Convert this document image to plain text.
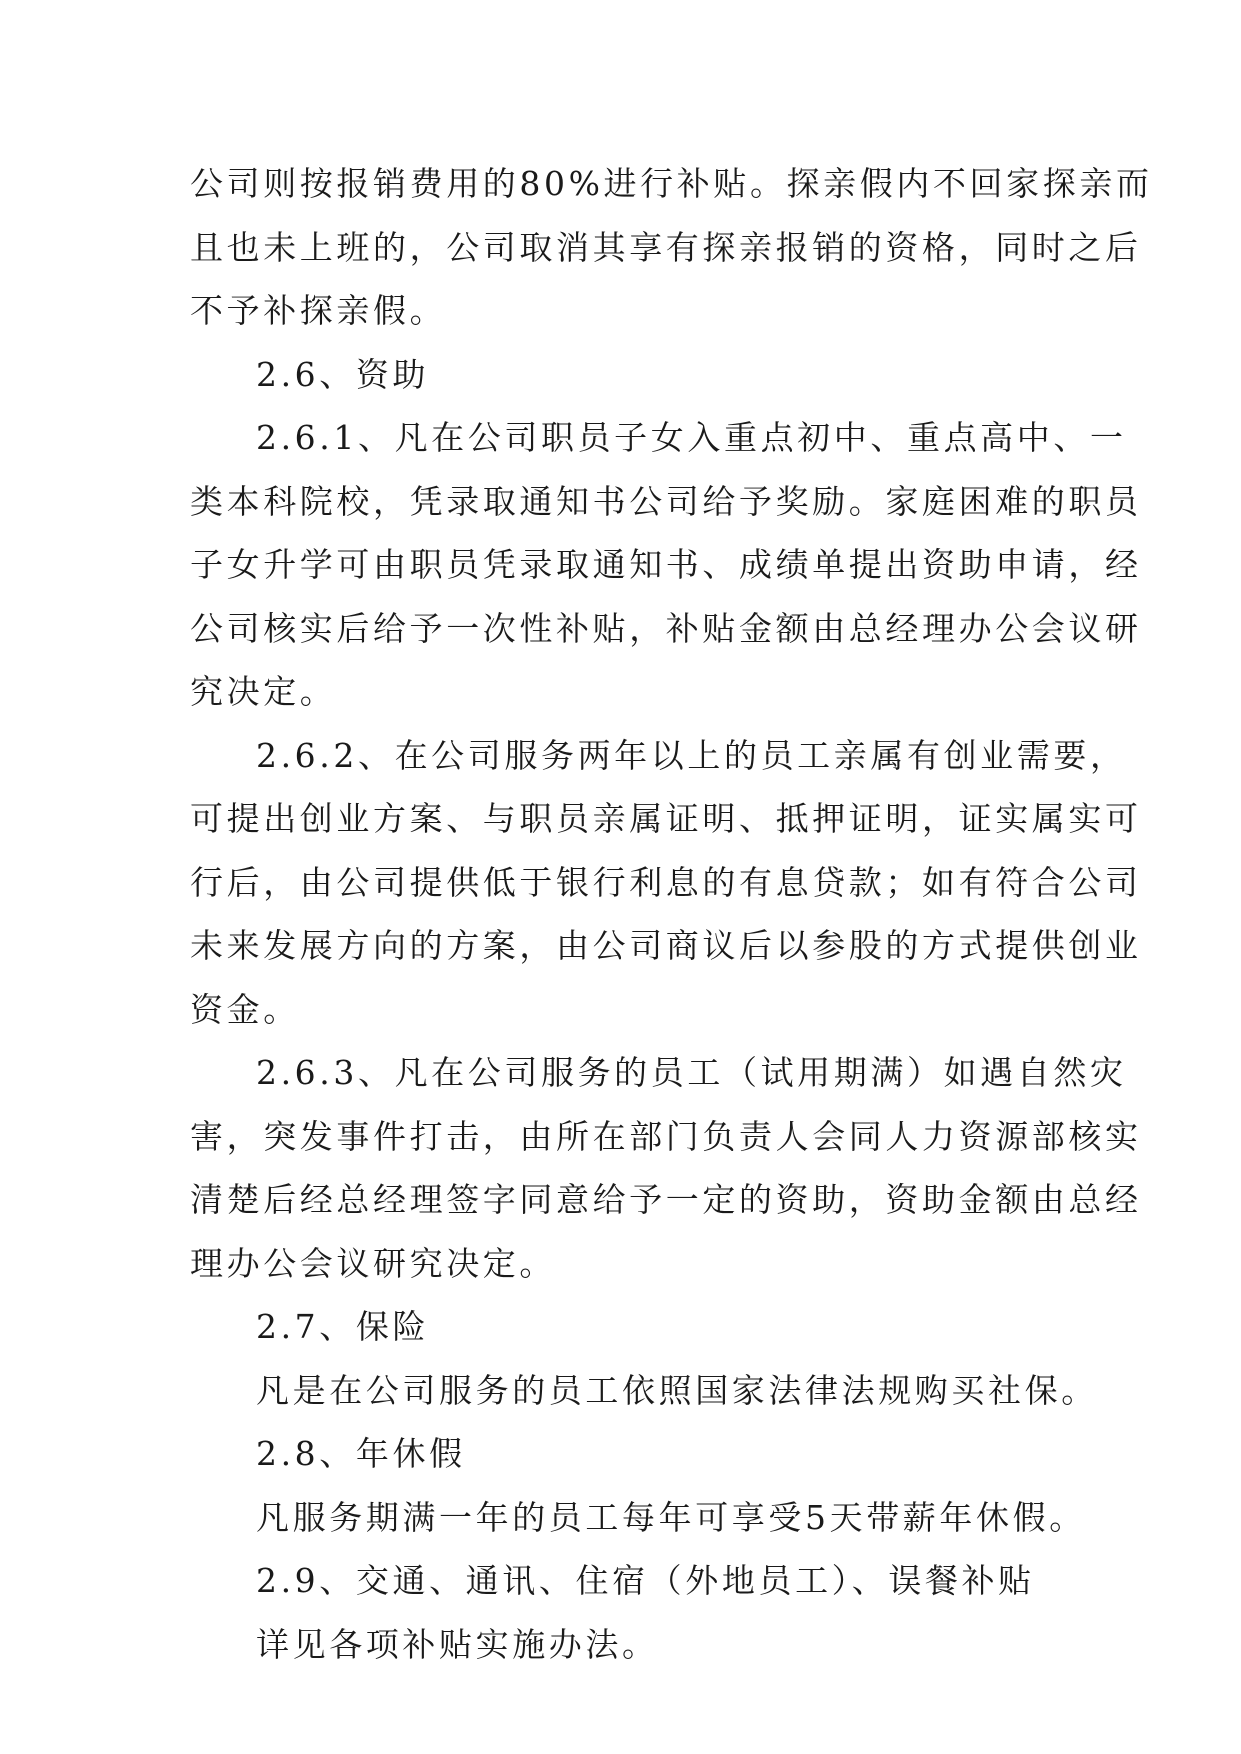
公司则按报销费用的80%进行补贴。探亲假内不回家探亲而
且也未上班的，公司取消其享有探亲报销的资格，同时之后
不予补探亲假。
2.6、资助
2.6.1、凡在公司职员子女入重点初中、重点高中、一
类本科院校，凭录取通知书公司给予奖励。家庭困难的职员
子女升学可由职员凭录取通知书、成绩单提出资助申请，经
公司核实后给予一次性补贴，补贴金额由总经理办公会议研
究决定。
2.6.2、在公司服务两年以上的员工亲属有创业需要，
可提出创业方案、与职员亲属证明、抵押证明，证实属实可
行后，由公司提供低于银行利息的有息贷款；如有符合公司
未来发展方向的方案，由公司商议后以参股的方式提供创业
资金。
2.6.3、凡在公司服务的员工（试用期满）如遇自然灾
害，突发事件打击，由所在部门负责人会同人力资源部核实
清楚后经总经理签字同意给予一定的资助，资助金额由总经
理办公会议研究决定。
2.7、保险
凡是在公司服务的员工依照国家法律法规购买社保。
2.8、年休假
凡服务期满一年的员工每年可享受5天带薪年休假。
2.9、交通、通讯、住宿（外地员工）、误餐补贴
详见各项补贴实施办法。
